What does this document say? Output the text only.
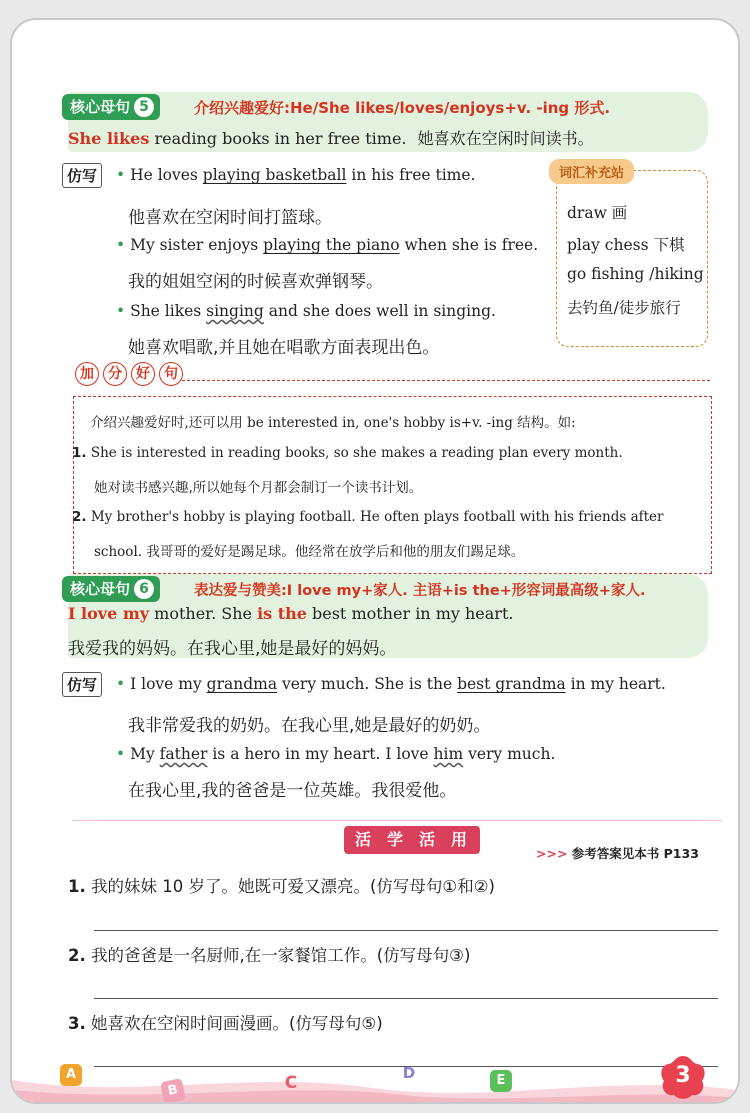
核心母句 5	介绍兴趣爱好:He/She likes/loves/enjoys+v. -ing 形式.
She likes reading books in her free time. 她喜欢在空闲时间读书。
仿写	• He loves playing basketball in his free time.
他喜欢在空闲时间打篮球。
• My sister enjoys playing the piano when she is free.
我的姐姐空闲的时候喜欢弹钢琴。
• She likes singing and she does well in singing.
她喜欢唱歌,并且她在唱歌方面表现出色。
词汇补充站
draw 画
play chess 下棋
go fishing /hiking
去钓鱼/徒步旅行
加	分	好	句
介绍兴趣爱好时,还可以用 be interested in, one's hobby is+v. -ing 结构。如:
1. She is interested in reading books, so she makes a reading plan every month.
她对读书感兴趣,所以她每个月都会制订一个读书计划。
2. My brother's hobby is playing football. He often plays football with his friends after
school. 我哥哥的爱好是踢足球。他经常在放学后和他的朋友们踢足球。
核心母句 6	表达爱与赞美:I love my+家人. 主语+is the+形容词最高级+家人.
I love my mother. She is the best mother in my heart.
我爱我的妈妈。在我心里,她是最好的妈妈。
仿写	• I love my grandma very much. She is the best grandma in my heart.
我非常爱我的奶奶。在我心里,她是最好的奶奶。
• My father is a hero in my heart. I love him very much.
在我心里,我的爸爸是一位英雄。我很爱他。
活 学 活 用
>>> 参考答案见本书 P133
1. 我的妹妹 10 岁了。她既可爱又漂亮。(仿写母句①和②)
2. 我的爸爸是一名厨师,在一家餐馆工作。(仿写母句③)
3. 她喜欢在空闲时间画漫画。(仿写母句⑤)
A
B	C	D	E	3
